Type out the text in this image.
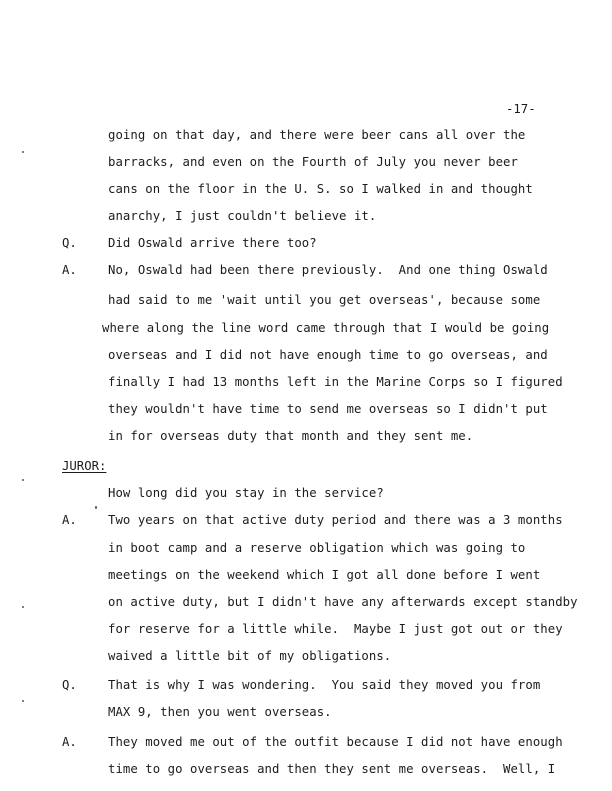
-17-
going on that day, and there were beer cans all over the
barracks, and even on the Fourth of July you never beer
cans on the floor in the U. S. so I walked in and thought
anarchy, I just couldn't believe it.
Q.	Did Oswald arrive there too?
A.	No, Oswald had been there previously.  And one thing Oswald
had said to me 'wait until you get overseas', because some
where along the line word came through that I would be going
overseas and I did not have enough time to go overseas, and
finally I had 13 months left in the Marine Corps so I figured
they wouldn't have time to send me overseas so I didn't put
in for overseas duty that month and they sent me.
JUROR:
How long did you stay in the service?
A.	Two years on that active duty period and there was a 3 months
in boot camp and a reserve obligation which was going to
meetings on the weekend which I got all done before I went
on active duty, but I didn't have any afterwards except standby
for reserve for a little while.  Maybe I just got out or they
waived a little bit of my obligations.
Q.	That is why I was wondering.  You said they moved you from
MAX 9, then you went overseas.
A.	They moved me out of the outfit because I did not have enough
time to go overseas and then they sent me overseas.  Well, I
